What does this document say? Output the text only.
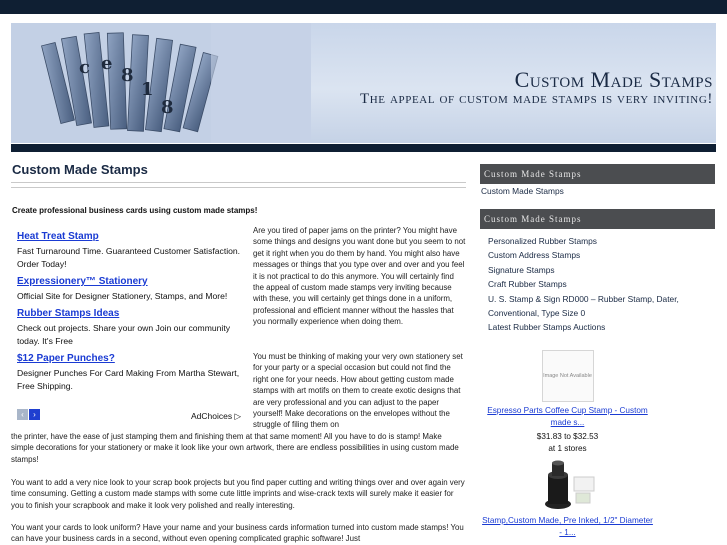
c e
8
1
8
Custom Made Stamps
The appeal of custom made stamps is very inviting!
Custom Made Stamps

Create professional business cards using custom made stamps!

Heat Treat Stamp
Fast Turnaround Time. Guaranteed Customer Satisfaction. Order Today!
Expressionery™ Stationery
Official Site for Designer Stationery, Stamps, and More!
Rubber Stamps Ideas
Check out projects. Share your own Join our community today. It's Free
$12 Paper Punches?
Designer Punches For Card Making From Martha Stewart, Free Shipping.
‹ ›	AdChoices ▷

Are you tired of paper jams on the printer? You might have some things and designs you want done but you seem to not get it right when you do them by hand. You might also have messages or things that you type over and over and you feel it is not practical to do this anymore. You will certainly find the appeal of custom made stamps very inviting because with these, you will certainly get things done in a uniform, professional and efficient manner without the hassles that you normally experience when doing them.

You must be thinking of making your very own stationery set for your party or a special occasion but could not find the right one for your needs. How about getting custom made stamps with art motifs on them to create exotic designs that are very professional and you can adjust to the paper yourself! Make decorations on the envelopes without the struggle of filing them on

the printer, have the ease of just stamping them and finishing them at that same moment! All you have to do is stamp! Make simple decorations for your stationery or make it look like your own artwork, there are endless possibilities in using custom made stamps!

You want to add a very nice look to your scrap book projects but you find paper cutting and writing things over and over again very time consuming. Getting a custom made stamps with some cute little imprints and wise-crack texts will surely make it easier for you to finish your scrapbook and make it look very polished and really interesting.

You want your cards to look uniform? Have your name and your business cards information turned into custom made stamps! You can have your business cards in a second, without even opening complicated graphic software! Just

Custom Made Stamps
Custom Made Stamps
Custom Made Stamps
Personalized Rubber Stamps
Custom Address Stamps
Signature Stamps
Craft Rubber Stamps
U. S. Stamp & Sign RD000 – Rubber Stamp, Dater, Conventional, Type Size 0
Latest Rubber Stamps Auctions
Image Not Available
Espresso Parts Coffee Cup Stamp - Custom made s...
$31.83 to $32.53
at 1 stores
Stamp,Custom Made, Pre Inked, 1/2" Diameter - 1...
